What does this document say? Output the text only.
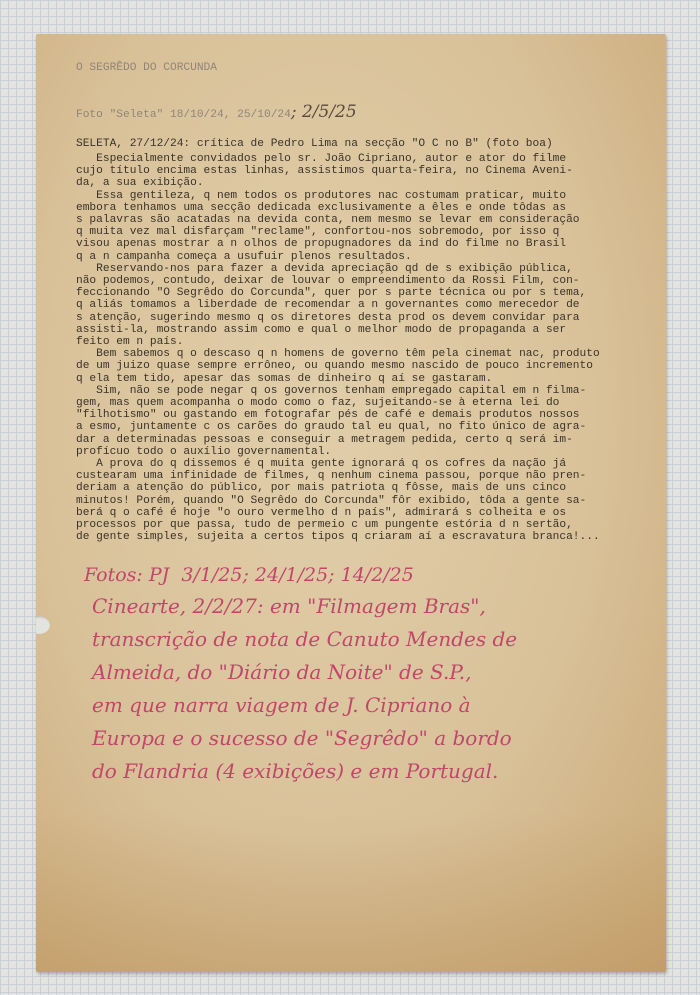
O SEGRÊDO DO CORCUNDA
Foto "Seleta" 18/10/24, 25/10/24; 2/5/25
SELETA, 27/12/24: crítica de Pedro Lima na secção "O C no B" (foto boa)
Especialmente convidados pelo sr. João Cipriano, autor e ator do filme
cujo título encima estas linhas, assistimos quarta-feira, no Cinema Aveni-
da, a sua exibição.
Essa gentileza, q nem todos os produtores nac costumam praticar, muito
embora tenhamos uma secção dedicada exclusivamente a êles e onde tôdas as
s palavras são acatadas na devida conta, nem mesmo se levar em consideração
q muita vez mal disfarçam "reclame", confortou-nos sobremodo, por isso q
visou apenas mostrar a n olhos de propugnadores da ind do filme no Brasil
q a n campanha começa a usufuir plenos resultados.
Reservando-nos para fazer a devida apreciação qd de s exibição pública,
não podemos, contudo, deixar de louvar o empreendimento da Rossi Film, con-
feccionando "O Segrêdo do Corcunda", quer por s parte técnica ou por s tema,
q aliás tomamos a liberdade de recomendar a n governantes como merecedor de
s atenção, sugerindo mesmo q os diretores desta prod os devem convidar para
assisti-la, mostrando assim como e qual o melhor modo de propaganda a ser
feito em n país.
Bem sabemos q o descaso q n homens de governo têm pela cinemat nac, produto
de um juizo quase sempre errôneo, ou quando mesmo nascido de pouco incremento
q ela tem tido, apesar das somas de dinheiro q aí se gastaram.
Sim, não se pode negar q os governos tenham empregado capital em n filma-
gem, mas quem acompanha o modo como o faz, sujeitando-se à eterna lei do
"filhotismo" ou gastando em fotografar pés de café e demais produtos nossos
a esmo, juntamente c os carões do graudo tal eu qual, no fito único de agra-
dar a determinadas pessoas e conseguir a metragem pedida, certo q será im-
profícuo todo o auxílio governamental.
A prova do q dissemos é q muita gente ignorará q os cofres da nação já
custearam uma infinidade de filmes, q nenhum cinema passou, porque não pren-
deriam a atenção do público, por mais patriota q fôsse, mais de uns cinco
minutos! Porém, quando "O Segrêdo do Corcunda" fôr exibido, tôda a gente sa-
berá q o café é hoje "o ouro vermelho d n país", admirará s colheita e os
processos por que passa, tudo de permeio c um pungente estória d n sertão,
de gente simples, sujeita a certos tipos q criaram aí a escravatura branca!...
Fotos: PJ  3/1/25; 24/1/25; 14/2/25
Cinearte, 2/2/27: em "Filmagem Bras",
transcrição de nota de Canuto Mendes de
Almeida, do "Diário da Noite" de S.P.,
em que narra viagem de J. Cipriano à
Europa e o sucesso de "Segrêdo" a bordo
do Flandria (4 exibições) e em Portugal.
